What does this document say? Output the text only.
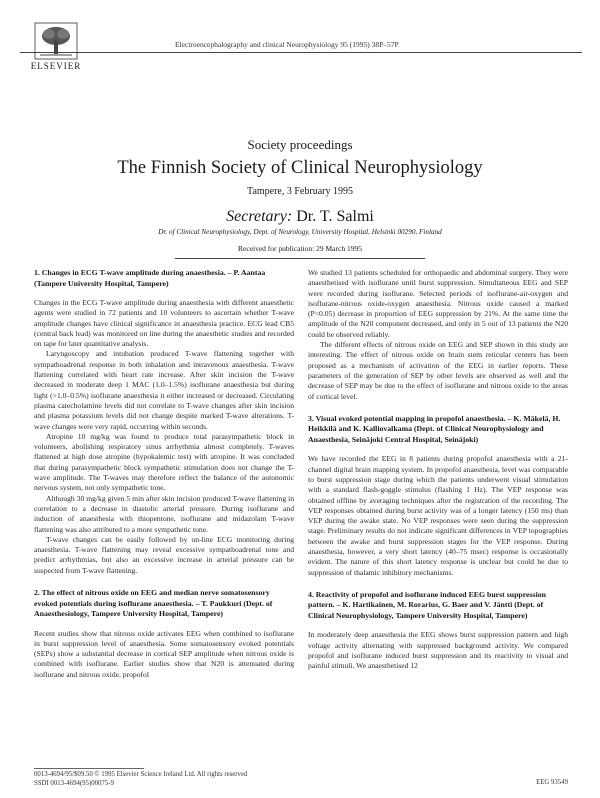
ELSEVIER
Electroencephalography and clinical Neurophysiology 95 (1995) 38P–57P
Society proceedings
The Finnish Society of Clinical Neurophysiology
Tampere, 3 February 1995
Secretary: Dr. T. Salmi
Dr. of Clinical Neurophysiology, Dept. of Neurology, University Hospital, Helsinki 00290, Finland
Received for publication: 29 March 1995

1. Changes in ECG T-wave amplitude during anaesthesia. – P. Aantaa (Tampere University Hospital, Tampere)

Changes in the ECG T-wave amplitude during anaesthesia with different anaesthetic agents were studied in 72 patients and 10 volunteers to ascertain whether T-wave amplitude changes have clinical significance in anaesthesia practice. ECG lead CB5 (central back lead) was monitored on line during the anaesthetic studies and recorded on tape for later quantitative analysis.

Laryngoscopy and intubation produced T-wave flattening together with sympathoadrenal response in both inhalation and intravenous anaesthesia. T-wave flattening correlated with heart rate increase. After skin incision the T-wave decreased in moderate deep 1 MAC (1.0–1.5%) isoflurane anaesthesia but during light (>1.0–0.5%) isoflurane anaesthesia it either increased or decreased. Circulating plasma catecholamine levels did not correlate to T-wave changes after skin incision and plasma potassium levels did not change despite marked T-wave alterations. T-wave changes were very rapid, occurring within seconds.

Atropine 10 mg/kg was found to produce total parasympathetic block in volunteers, abolishing respiratory sinus arrhythmia almost completely. T-waves flattened at high dose atropine (hypokalemic test) with atropine. It was concluded that during parasympathetic block sympathetic stimulation does not change the T-wave amplitude. The T-waves may therefore reflect the balance of the autonomic nervous system, not only sympathetic tone.

Although 30 mg/kg given 5 min after skin incision produced T-wave flattening in correlation to a decrease in diastolic arterial pressure. During isoflurane and induction of anaesthesia with thiopentone, isoflurane and midazolam T-wave flattening was also attributed to a more sympathetic tone.

T-wave changes can be easily followed by on-line ECG monitoring during anaesthesia. T-wave flattening may reveal excessive sympathoadrenal tone and predict arrhythmias, but also an excessive increase in arterial pressure can be suspected from T-wave flattening.

2. The effect of nitrous oxide on EEG and median nerve somatosensory evoked potentials during isoflurane anaesthesia. – T. Paukkuri (Dept. of Anaesthesiology, Tampere University Hospital, Tampere)

Recent studies show that nitrous oxide activates EEG when combined to isoflurane in burst suppression level of anaesthesia. Some somatosensory evoked potentials (SEPs) show a substantial decrease in cortical SEP amplitude when nitrous oxide is combined with isoflurane. Earlier studies show that N20 is attenuated during isoflurane and nitrous oxide, propofol

We studied 13 patients scheduled for orthopaedic and abdominal surgery. They were anaesthetised with isoflurane until burst suppression. Simultaneous EEG and SEP were recorded during isoflurane. Selected periods of isoflurane-air-oxygen and isoflurane-nitrous oxide-oxygen anaesthesia. Nitrous oxide caused a marked (P<0.05) decrease in proportion of EEG suppression by 21%. At the same time the amplitude of the N20 component decreased, and only in 5 out of 13 patients the N20 could be observed reliably.

The different effects of nitrous oxide on EEG and SEP shown in this study are interesting. The effect of nitrous oxide on brain stem reticular centers has been proposed as a mechanism of activation of the EEG in earlier reports. These parameters of the generation of SEP by other levels are observed as well and the decrease of SEP may be due to the effect of isoflurane and nitrous oxide to the areas of cortical level.

3. Visual evoked potential mapping in propofol anaesthesia. – K. Mäkelä, H. Heikkilä and K. Kalliovalkama (Dept. of Clinical Neurophysiology and Anaesthesia, Seinäjoki Central Hospital, Seinäjoki)

We have recorded the EEG in 8 patients during propofol anaesthesia with a 21-channel digital brain mapping system. In propofol anaesthesia, level was comparable to burst suppression stage during which the patients underwent visual stimulation with a standard flash-goggle stimulus (flashing 1 Hz). The VEP response was obtained offline by averaging techniques after the registration of the recording. The VEP responses obtained during burst activity was of a longer latency (150 ms) than VEP during the awake state. No VEP responses were seen during the suppression stage. Preliminary results do not indicate significant differences in VEP topographies between the awake and burst suppression stages for the VEP response. During anaesthesia, however, a very short latency (40–75 msec) response is occasionally evident. The nature of this short latency response is unclear but could be due to suppression of thalamic inhibitory mechanisms.

4. Reactivity of propofol and isoflurane induced EEG burst suppression pattern. – K. Hartikainen, M. Rorarius, G. Baer and V. Jäntti (Dept. of Clinical Neurophysiology, Tampere University Hospital, Tampere)

In moderately deep anaesthesia the EEG shows burst suppression pattern and high voltage activity alternating with suppressed background activity. We compared propofol and isoflurane induced burst suppression and its reactivity to visual and painful stimuli. We anaesthetised 12

0013-4694/95/$09.50 © 1995 Elsevier Science Ireland Ltd. All rights reserved
SSDI 0013-4694(95)00075-9	EEG 93549
